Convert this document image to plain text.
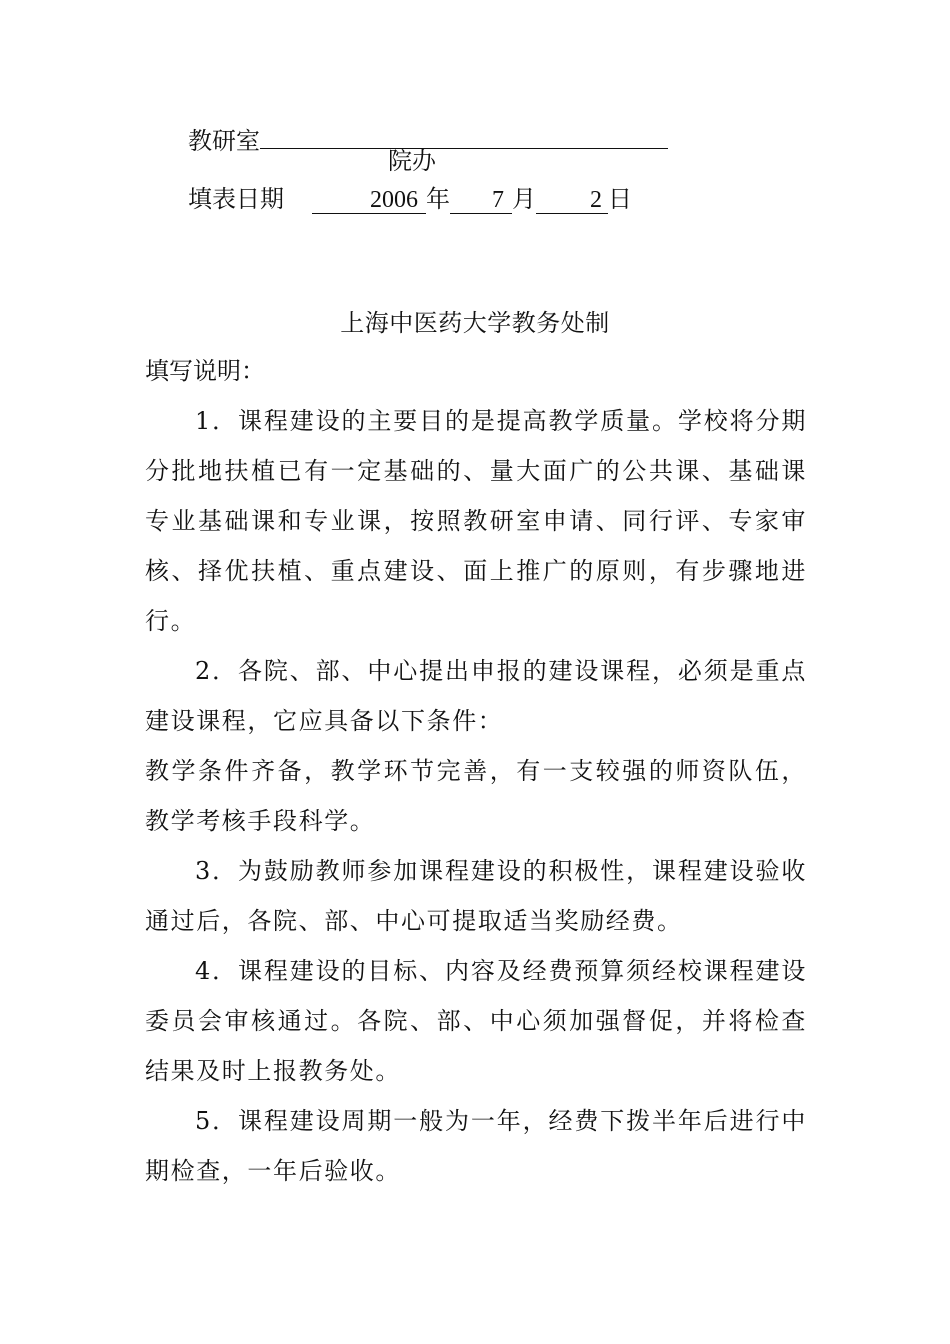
教研室
院办
填表日期	2006 年 7 月 2 日
上海中医药大学教务处制
填写说明：
1．课程建设的主要目的是提高教学质量。学校将分期分批地扶植已有一定基础的、量大面广的公共课、基础课专业基础课和专业课，按照教研室申请、同行评、专家审核、择优扶植、重点建设、面上推广的原则，有步骤地进行。
2．各院、部、中心提出申报的建设课程，必须是重点建设课程，它应具备以下条件：
教学条件齐备，教学环节完善，有一支较强的师资队伍，教学考核手段科学。
3．为鼓励教师参加课程建设的积极性，课程建设验收通过后，各院、部、中心可提取适当奖励经费。
4．课程建设的目标、内容及经费预算须经校课程建设委员会审核通过。各院、部、中心须加强督促，并将检查结果及时上报教务处。
5．课程建设周期一般为一年，经费下拨半年后进行中期检查，一年后验收。
